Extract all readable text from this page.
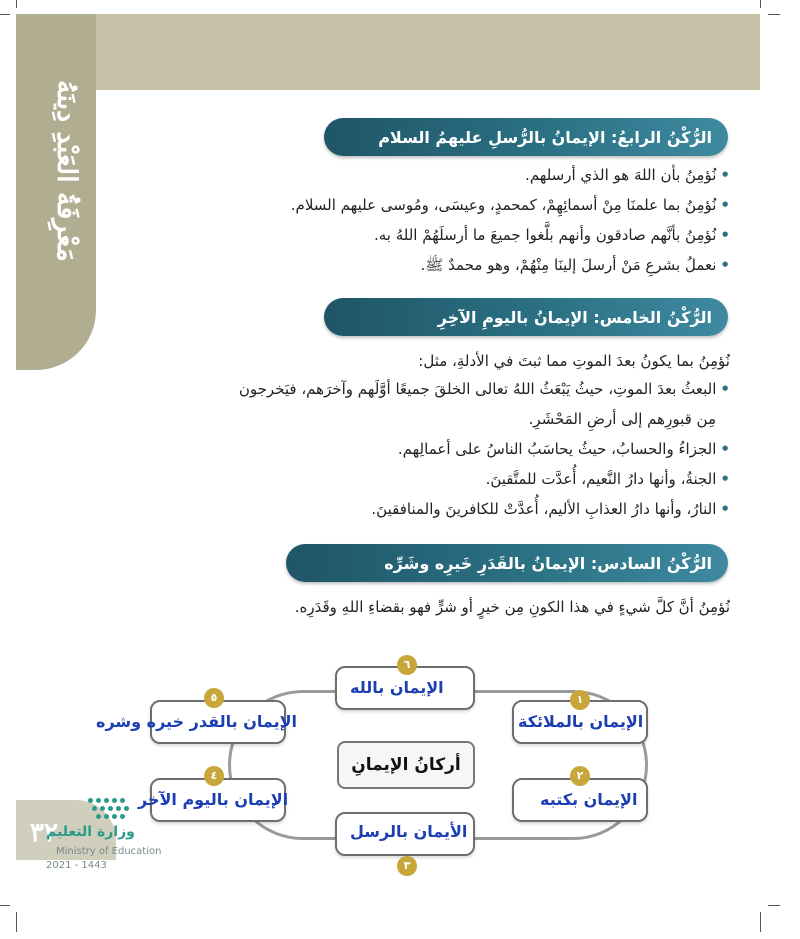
مَعْرِفَةُ العَبْدِ دِينَهُ	الرُّكْنُ الرابعُ: الإيمانُ بالرُّسلِ عليهمُ السلام
•نُؤمِنُ بأن اللهَ هو الذي أرسلهم.
•نُؤمِنُ بما علمنَا مِنْ أسمائِهِمْ، كمحمدٍ، وعيسَى، ومُوسى عليهم السلام.
•نُؤمِنُ بأنَّهم صادقون وأنهم بلَّغوا جميعَ ما أرسلَهُمْ اللهُ به.
•نعملُ بشرعِ مَنْ أرسلَ إلينَا مِنْهُمْ، وهو محمدٌ ﷺ.
الرُّكْنُ الخامس: الإيمانُ باليومِ الآخِرِ
نُؤمِنُ بما يكونُ بعدَ الموتِ مما ثبتَ في الأدلةِ، مثل:
•البعثُ بعدَ الموتِ، حيثُ يَبْعَثُ اللهُ تعالى الخلقَ جميعًا أوَّلَهم وآخرَهم، فيَخرجون
مِن قبورِهم إلى أرضِ المَحْشَرِ.
•الجزاءُ والحسابُ، حيثُ يحاسَبُ الناسُ على أعمالِهم.
•الجنةُ، وأنها دارُ النَّعيم، أُعدَّت للمتَّقينَ.
•النارُ، وأنها دارُ العذابِ الأليم، أُعدَّتْ للكافرينَ والمنافقينَ.
الرُّكْنُ السادس: الإيمانُ بالقَدَرِ خَيرِه وشَرِّه
نُؤمِنُ أنَّ كلَّ شيءٍ في هذا الكونِ مِن خيرٍ أو شرٍّ فهو بقضاءِ اللهِ وقَدَرِه.
أركانُ الإيمانِ
٦
الإيمان بالله
١
الإيمان بالملائكة
٢
الإيمان بكتبه
٣
الأيمان بالرسل
٤
الإيمان باليوم الآخر
٥
الإيمان بالقدر خيره وشره
٣٢
وزارة التعليم
Ministry of Education
2021 - 1443
